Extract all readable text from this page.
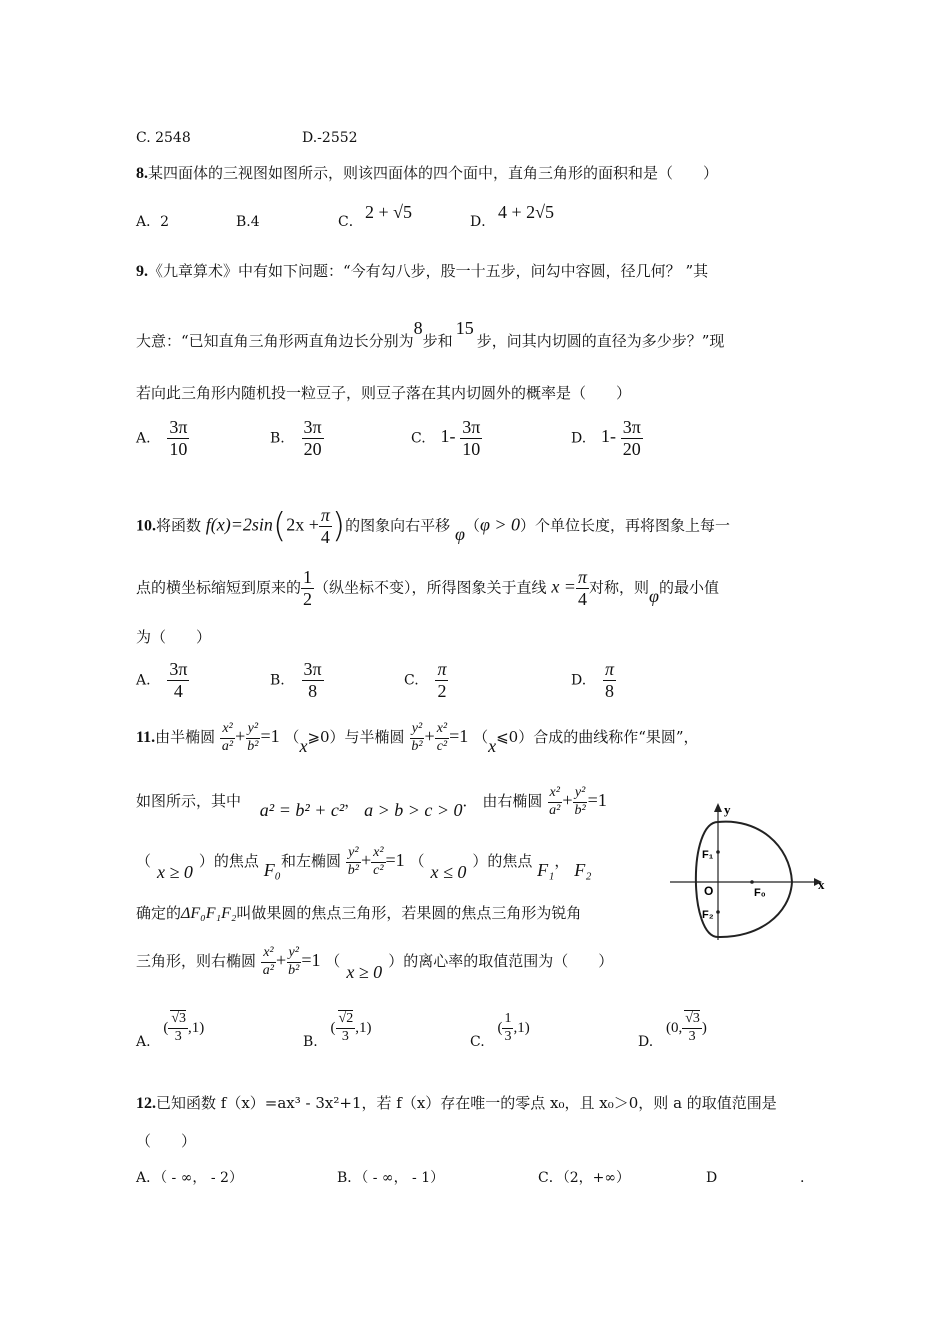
C. 2548	D.-2552
8.某四面体的三视图如图所示，则该四面体的四个面中，直角三角形的面积和是（　　）
A．2	B.4	C． 2 + √5	D． 4 + 2√5
9.《九章算术》中有如下问题：“今有勾八步，股一十五步，问勾中容圆，径几何？ ”其
大意：“已知直角三角形两直角边长分别为8步和15步，问其内切圆的直径为多少步？”现
若向此三角形内随机投一粒豆子，则豆子落在其内切圆外的概率是（　　）
A. $\frac{3\pi}{10}$	B. $\frac{3\pi}{20}$	C. $1- \frac{3\pi}{10}$	D. $1- \frac{3\pi}{20}$
10.将函数 $f(x)=2\sin(2x + \frac{\pi}{4}$ )的图象向右平移 φ（φ > 0）个单位长度，再将图象上每一
点的横坐标缩短到原来的 $\frac{1}{2}$ （纵坐标不变），所得图象关于直线 $x = \frac{\pi}{4}$ 对称，则φ的最小值
为（　　）
A. $\frac{3\pi}{4}$	B. $\frac{3\pi}{8}$	C. $\frac{\pi}{2}$	D. $\frac{\pi}{8}$
11.由半椭圆 $\frac{\text{x²}}{\text{a²}} + \frac{\text{y²}}{\text{b²}} =1$ （x⩾0）与半椭圆 $\frac{\text{y²}}{\text{b²}} + \frac{\text{x²}}{\text{c²}} =1$ （x⩽0）合成的曲线称作“果圆”，
如图所示，其中 a² = b² + c²， a > b > c > 0． 由右椭圆 $\frac{\text{x²}}{\text{a²}} + \frac{\text{y²}}{\text{b²}} =1$
（x ≥ 0）的焦点 F₀和左椭圆 $\frac{\text{y²}}{\text{b²}} + \frac{\text{x²}}{\text{c²}} =1$ （x ≤ 0）的焦点 F₁， F₂
确定的ΔF₀F₁F₂叫做果圆的焦点三角形，若果圆的焦点三角形为锐角
三角形，则右椭圆 $\frac{\text{x²}}{\text{a²}} + \frac{\text{y²}}{\text{b²}} =1$ （x ≥ 0）的离心率的取值范围为（　　）
A. ( $\frac{√3}{3} ,1$)
B. ( $\frac{√2}{3} ,1$)
C. ( $\frac{1}{3} ,1$)
D. (0, $\frac{√3}{3}$ )
y
x
O
F₁
F₂
F₀
12.已知函数 f（x）=ax³ - 3x²+1，若 f（x）存在唯一的零点 x₀，且 x₀＞0，则 a 的取值范围是
（　　）
A．（ - ∞， - 2）	B．（ - ∞， - 1）	C．（2，+∞）	D	.
